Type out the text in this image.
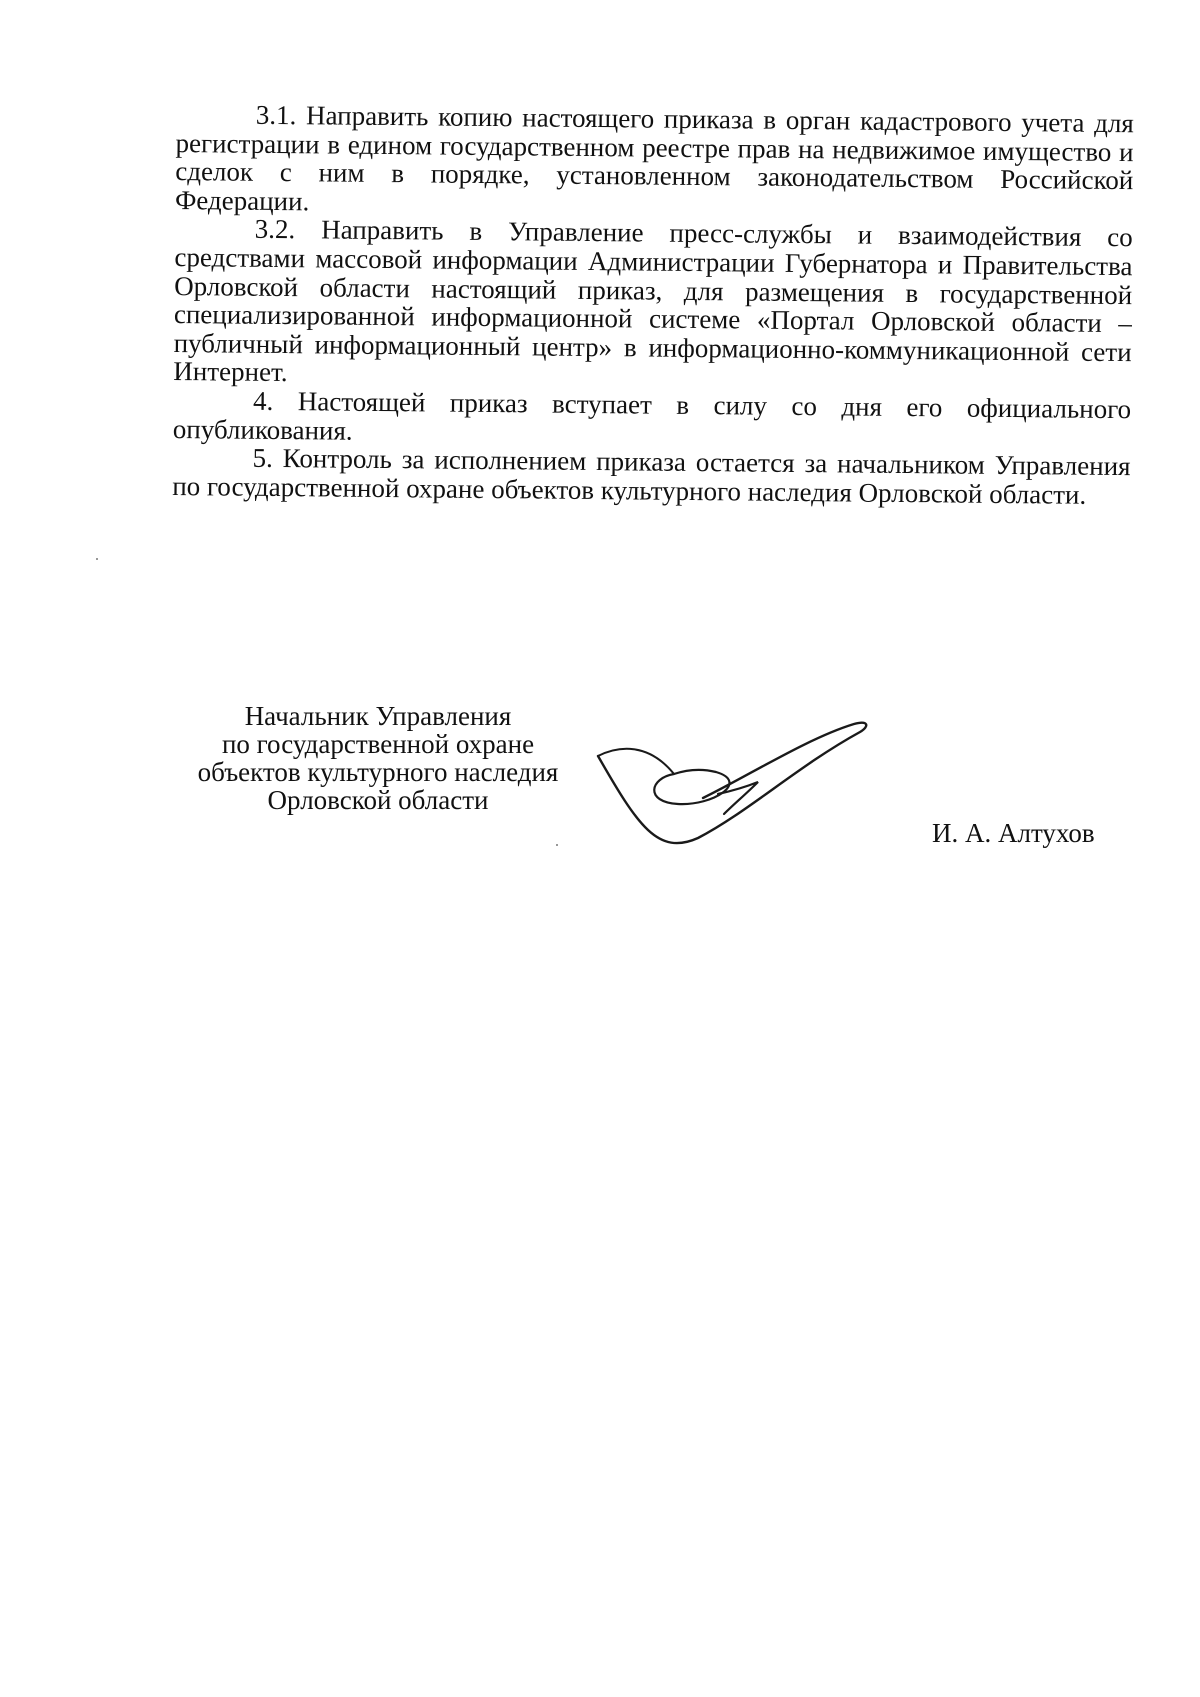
3.1. Направить копию настоящего приказа в орган кадастрового учета для регистрации в едином государственном реестре прав на недвижимое имущество и сделок с ним в порядке, установленном законодательством Российской Федерации.

3.2. Направить в Управление пресс-службы и взаимодействия со средствами массовой информации Администрации Губернатора и Правительства Орловской области настоящий приказ, для размещения в государственной специализированной информационной системе «Портал Орловской области – публичный информационный центр» в информационно-коммуникационной сети Интернет.

4. Настоящей приказ вступает в силу со дня его официального опубликования.

5. Контроль за исполнением приказа остается за начальником Управления по государственной охране объектов культурного наследия Орловской области.

Начальник Управления
по государственной охране
объектов культурного наследия
Орловской области
И. А. Алтухов
